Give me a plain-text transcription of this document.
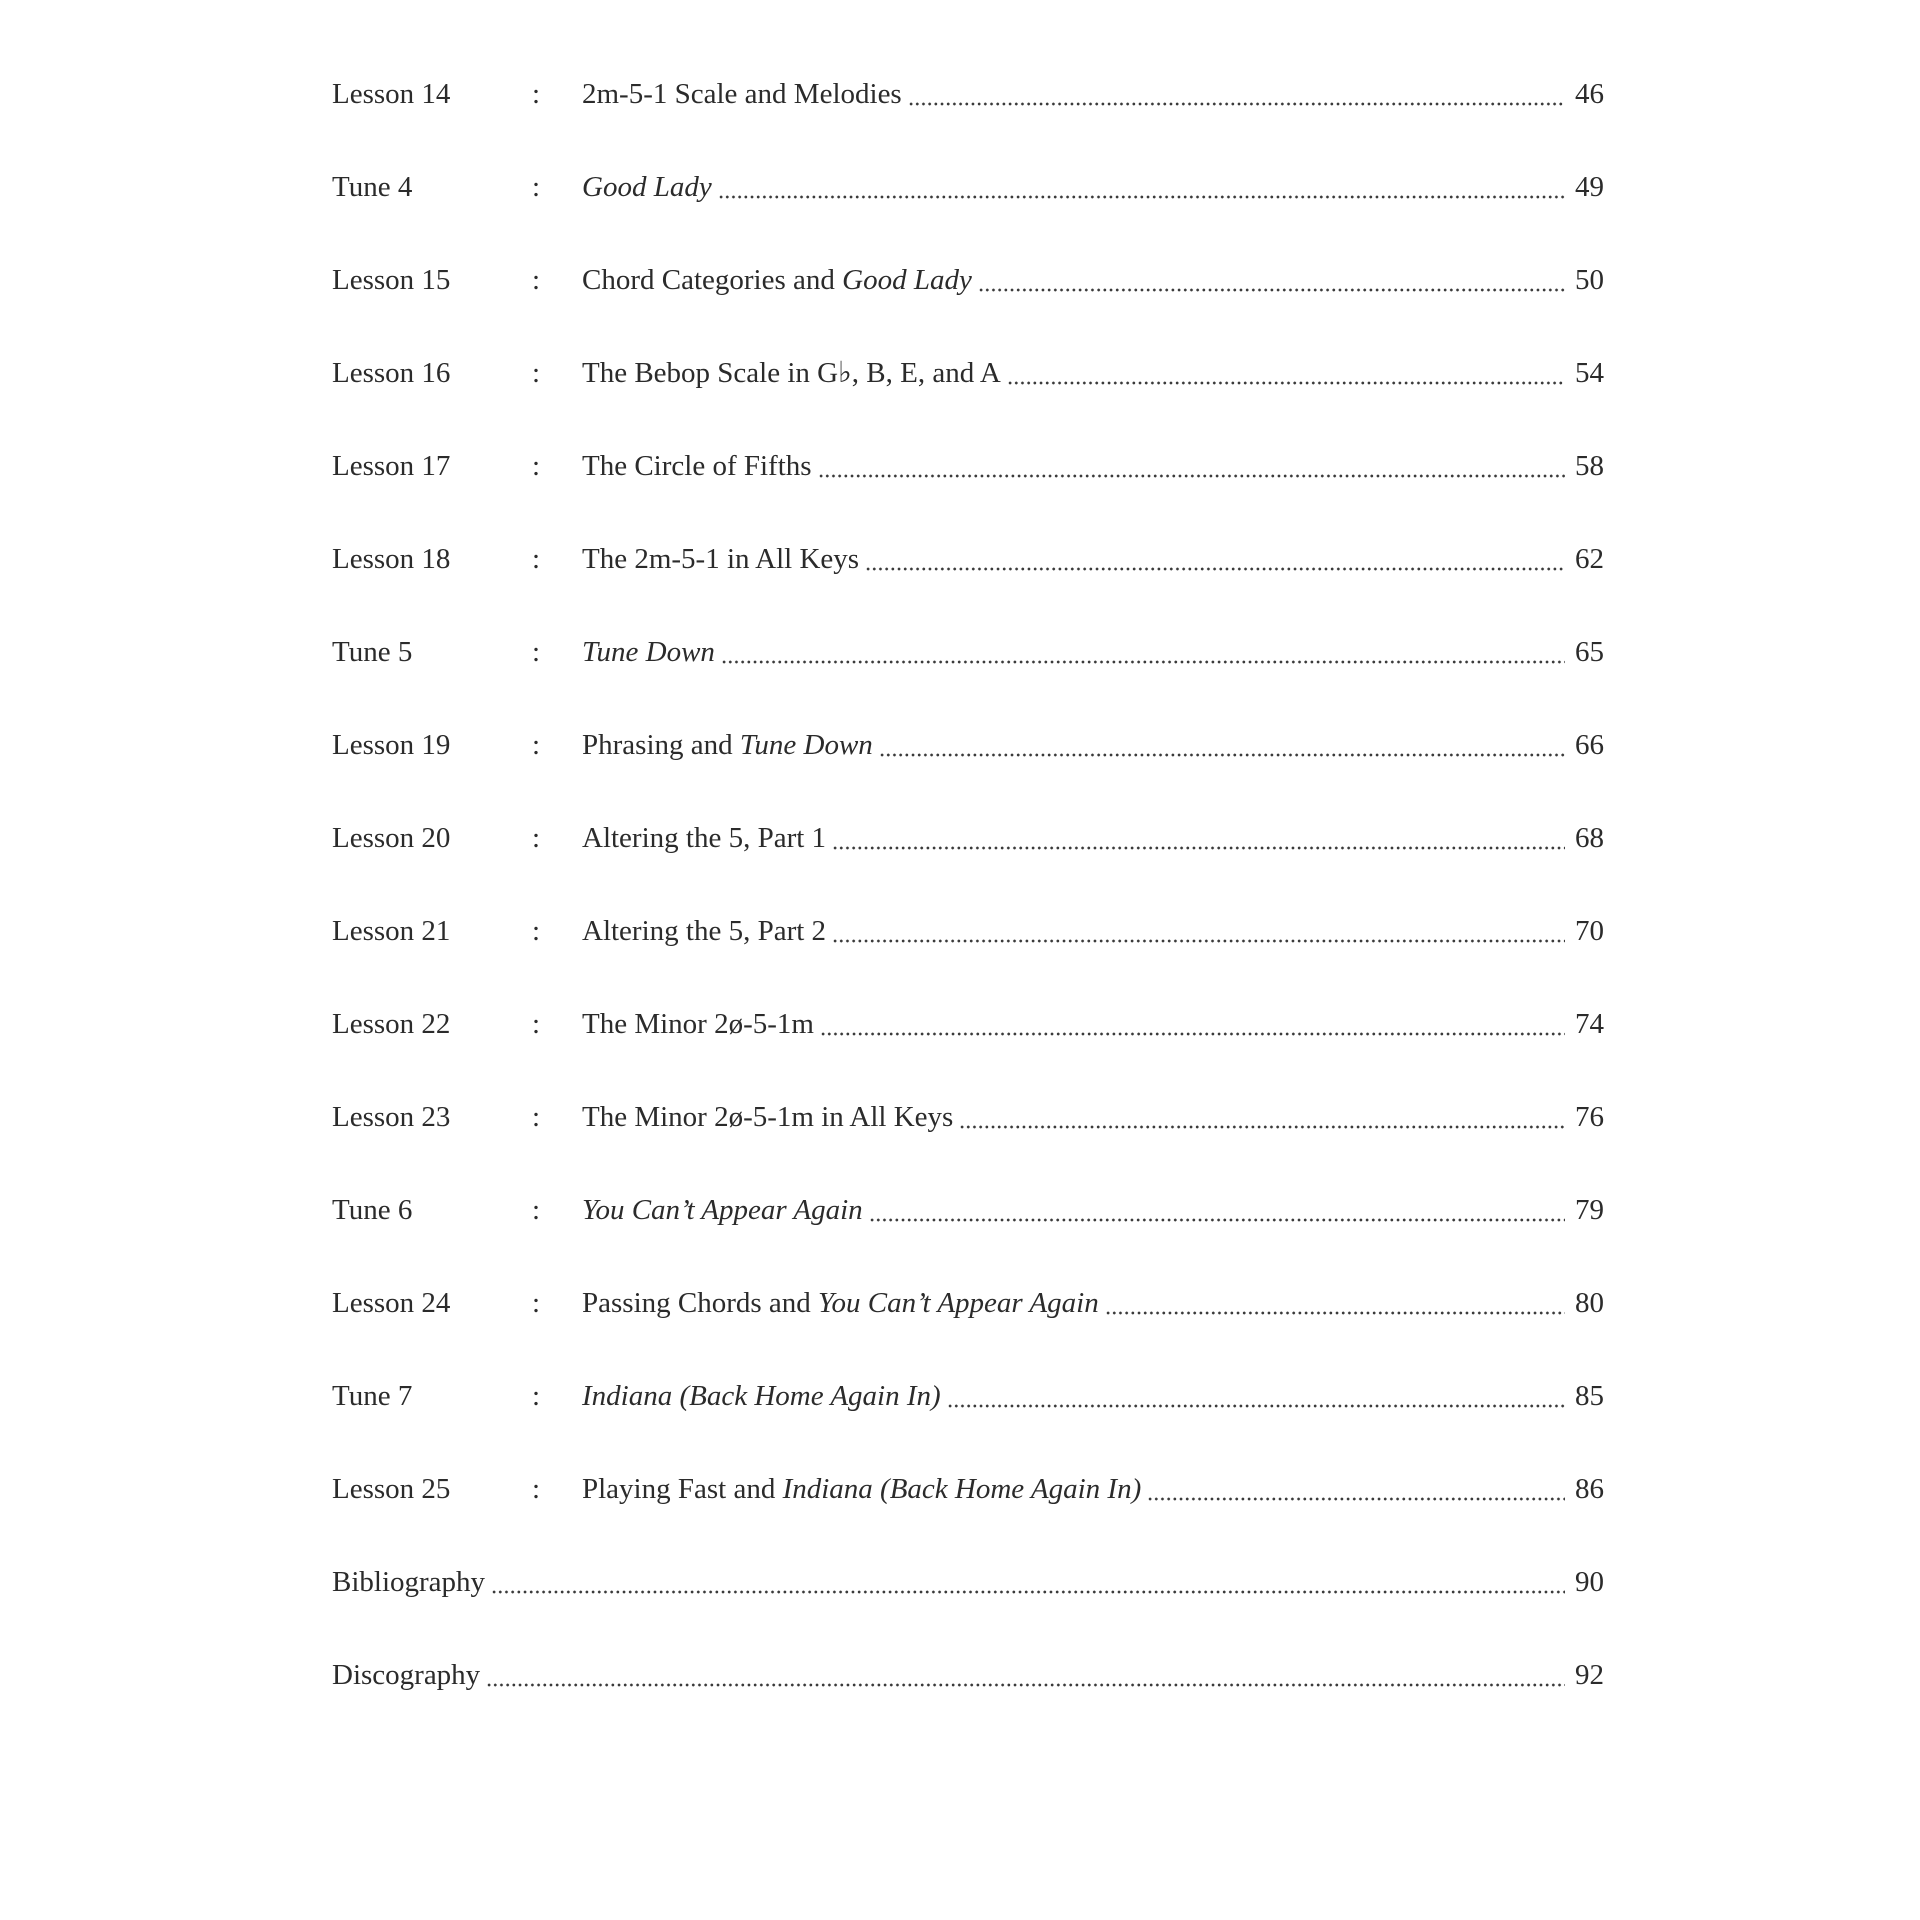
Lesson 14	: 2m-5-1 Scale and Melodies	46
Tune 4	: Good Lady	49
Lesson 15	: Chord Categories and Good Lady	50
Lesson 16	: The Bebop Scale in G♭, B, E, and A	54
Lesson 17	: The Circle of Fifths	58
Lesson 18	: The 2m-5-1 in All Keys	62
Tune 5	: Tune Down	65
Lesson 19	: Phrasing and Tune Down	66
Lesson 20	: Altering the 5, Part 1	68
Lesson 21	: Altering the 5, Part 2	70
Lesson 22	: The Minor 2ø-5-1m	74
Lesson 23	: The Minor 2ø-5-1m in All Keys	76
Tune 6	: You Can’t Appear Again	79
Lesson 24	: Passing Chords and You Can’t Appear Again	80
Tune 7	: Indiana (Back Home Again In)	85
Lesson 25	: Playing Fast and Indiana (Back Home Again In)	86
Bibliography	90
Discography	92
